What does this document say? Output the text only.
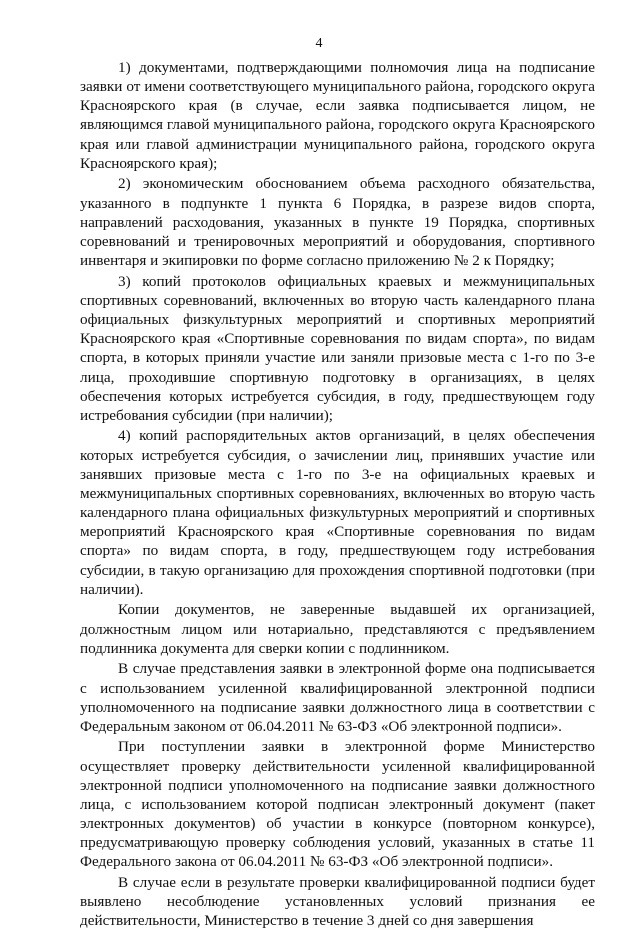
4

1) документами, подтверждающими полномочия лица на подписание заявки от имени соответствующего муниципального района, городского округа Красноярского края (в случае, если заявка подписывается лицом, не являющимся главой муниципального района, городского округа Красноярского края или главой администрации муниципального района, городского округа Красноярского края);

2) экономическим обоснованием объема расходного обязательства, указанного в подпункте 1 пункта 6 Порядка, в разрезе видов спорта, направлений расходования, указанных в пункте 19 Порядка, спортивных соревнований и тренировочных мероприятий и оборудования, спортивного инвентаря и экипировки по форме согласно приложению № 2 к Порядку;

3) копий протоколов официальных краевых и межмуниципальных спортивных соревнований, включенных во вторую часть календарного плана официальных физкультурных мероприятий и спортивных мероприятий Красноярского края «Спортивные соревнования по видам спорта», по видам спорта, в которых приняли участие или заняли призовые места с 1-го по 3-е лица, проходившие спортивную подготовку в организациях, в целях обеспечения которых истребуется субсидия, в году, предшествующем году истребования субсидии (при наличии);

4) копий распорядительных актов организаций, в целях обеспечения которых истребуется субсидия, о зачислении лиц, принявших участие или занявших призовые места с 1-го по 3-е на официальных краевых и межмуниципальных спортивных соревнованиях, включенных во вторую часть календарного плана официальных физкультурных мероприятий и спортивных мероприятий Красноярского края «Спортивные соревнования по видам спорта» по видам спорта, в году, предшествующем году истребования субсидии, в такую организацию для прохождения спортивной подготовки (при наличии).

Копии документов, не заверенные выдавшей их организацией, должностным лицом или нотариально, представляются с предъявлением подлинника документа для сверки копии с подлинником.

В случае представления заявки в электронной форме она подписывается с использованием усиленной квалифицированной электронной подписи уполномоченного на подписание заявки должностного лица в соответствии с Федеральным законом от 06.04.2011 № 63-ФЗ «Об электронной подписи».

При поступлении заявки в электронной форме Министерство осуществляет проверку действительности усиленной квалифицированной электронной подписи уполномоченного на подписание заявки должностного лица, с использованием которой подписан электронный документ (пакет электронных документов) об участии в конкурсе (повторном конкурсе), предусматривающую проверку соблюдения условий, указанных в статье 11 Федерального закона от 06.04.2011 № 63-ФЗ «Об электронной подписи».

В случае если в результате проверки квалифицированной подписи будет выявлено несоблюдение установленных условий признания ее действительности, Министерство в течение 3 дней со дня завершения
